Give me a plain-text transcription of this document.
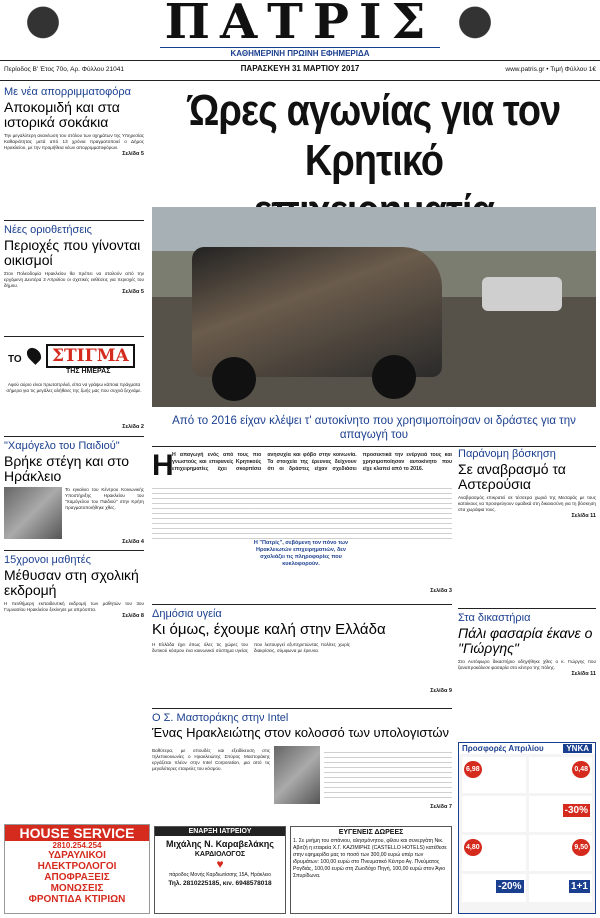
ΠΑΤΡΙΣ
ΚΑΘΗΜΕΡΙΝΗ ΠΡΩΙΝΗ ΕΦΗΜΕΡΙΔΑ
Περίοδος Β' Έτος 70ο, Αρ. Φύλλου 21041	ΠΑΡΑΣΚΕΥΗ 31 ΜΑΡΤΙΟΥ 2017	www.patris.gr • Τιμή Φύλλου 1€
Με νέα απορριμματοφόρα
Αποκομιδή και στα ιστορικά σοκάκια
Την μεγαλύτερη ανανέωση του στόλου των οχημάτων της Υπηρεσίας Καθαριότητας μετά από 13 χρόνια πραγματοποιεί ο Δήμος Ηρακλείου, με την προμήθεια νέων απορριμματοφόρων.
Σελίδα 5
Νέες οριοθετήσεις
Περιοχές που γίνονται οικισμοί
Στον Πολεοδομία Ηρακλείου θα πρέπει να σταλούν από την ερχόμενη Δευτέρα 3 Απριλίου οι σχετικές εκθέσεις για περιοχές του δήμου.
Σελίδα 5
ΤΟ	ΣΤΙΓΜΑ
ΤΗΣ ΗΜΕΡΑΣ
Αφού αύριο είναι πρωταπριλιά, είπα να γράψω κάποια πράγματα σήμερα για τις μεγάλες αλήθειες της ζωής μας που συχνά ξεχνάμε.
Σελίδα 2
"Χαμόγελο του Παιδιού"
Βρήκε στέγη και στο Ηράκλειο
Το εγκαίνιο του Κέντρου Κοινωνικής Υποστήριξης Ηρακλείου του "Χαμόγελου του Παιδιού" στην Κρήτη πραγματοποιήθηκε χθες.
Σελίδα 4
15χρονοι μαθητές
Μέθυσαν στη σχολική εκδρομή
Η πενθήμερη εκπαιδευτική εκδρομή των μαθητών του 3ου Γυμνασίου Ηρακλείου ξεκίνησε με απρόοπτα.
Σελίδα 8
Ώρες αγωνίας για τον Κρητικό
Από το 2016 είχαν κλέψει τ' αυτοκίνητο που χρησιμοποίησαν οι δράστες για την απαγωγή του
Η
Η απαγωγή ενός από τους πιο γνωστούς και επιφανείς Κρητικούς επιχειρηματίες έχει σκορπίσει ανησυχία και φόβο στην κοινωνία. Τα στοιχεία της έρευνας δείχνουν ότι οι δράστες είχαν σχεδιάσει προσεκτικά την ενέργειά τους και χρησιμοποίησαν αυτοκίνητο που είχε κλαπεί από το 2016.
Η "Πατρίς", σεβόμενη τον πόνο των Ηρακλειωτών επιχειρηματιών, δεν σχολιάζει τις πληροφορίες που κυκλοφορούν.
Σελίδα 3
Παράνομη βόσκηση
Σε αναβρασμό τα Αστερούσια
Αναβρασμός επικρατεί σε τέσσερα χωριά της Μεσαράς με τους κατοίκους να προσφεύγουν ομαδικά στη δικαιοσύνη για τη βόσκηση στα χωράφια τους.
Σελίδα 11
Στα δικαστήρια
Πάλι φασαρία έκανε ο "Γιώργης"
Στο Αυτόφωρο δικαστήριο οδηγήθηκε χθες ο κ. Γιώργης που ξαναπροκάλεσε φασαρία στο κέντρο της πόλης.
Σελίδα 11
Δημόσια υγεία
Κι όμως, έχουμε καλή στην Ελλάδα
Η Ελλάδα έχει όπως όλες τις χώρες του δυτικού κόσμου ένα κοινωνικό σύστημα υγείας που λειτουργεί εξυπηρετώντας πολίτες χωρίς διακρίσεις, σύμφωνα με έρευνα.
Σελίδα 9
Ο Σ. Μαστοράκης στην Intel
Ένας Ηρακλειώτης στον κολοσσό των υπολογιστών
Βαθύτερα, με σπουδές και εξειδίκευση στις τηλεπικοινωνίες ο Ηρακλειώτης Σπύρος Μαστοράκης εργάζεται πλέον στην Intel Corporation, μια από τις μεγαλύτερες εταιρείες του κόσμου.
Σελίδα 7
HOUSE SERVICE
2810.254.254
ΥΔΡΑΥΛΙΚΟΙ
ΗΛΕΚΤΡΟΛΟΓΟΙ
ΑΠΟΦΡΑΞΕΙΣ
ΜΟΝΩΣΕΙΣ
ΦΡΟΝΤΙΔΑ ΚΤΙΡΙΩΝ
ΕΝΑΡΞΗ ΙΑΤΡΕΙΟΥ
Μιχάλης Ν. Καραβελάκης
ΚΑΡΔΙΟΛΟΓΟΣ
♥
πάροδος Μονής Καρδιωτίσσης 15Α, Ηράκλειο
Τηλ. 2810225185, κιν. 6948578018
ΕΥΓΕΝΕΙΣ ΔΩΡΕΕΣ
1. Σε μνήμη του σπάνιου, αλησμόνητου, φίλου και συνεργάτη Νικ. Αβιτζή η εταιρεία Χ.Γ. ΚΑΖΙΜΙΡΗΣ (CASTELLO HOTELS) κατέθεσε στην εφημερίδα μας το ποσό των 300,00 ευρώ υπέρ των ιδρυμάτων: 100,00 ευρώ στο Πνευματικό Κέντρο Αγ. Πνεύματος Ρογδιάς, 100,00 ευρώ στη Ζωοδόχο Πηγή, 100,00 ευρώ στον Άγιο Σπυρίδωνα.
Προσφορές Απριλίου	ΥΝΚΑ
6,98	0,48
-30%
4,80	9,50
-20%	1+1
